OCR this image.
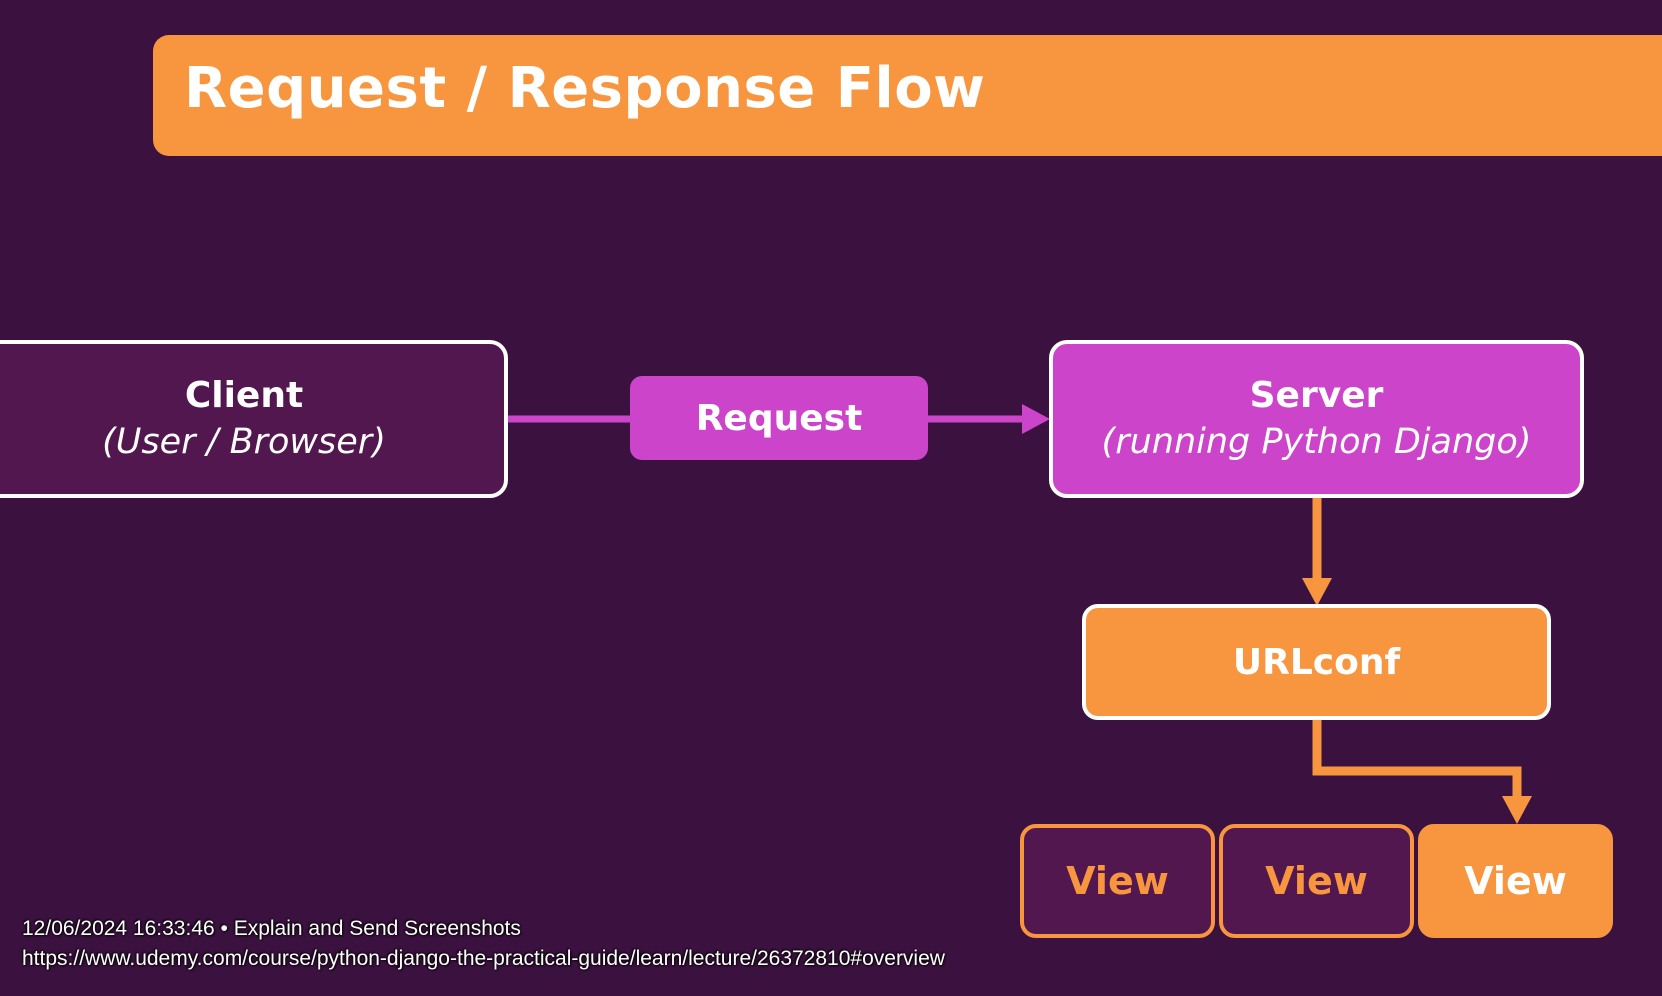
Request / Response Flow
Client
(User / Browser)
Request
Server
(running Python Django)
URLconf
View	View	View
12/06/2024 16:33:46 • Explain and Send Screenshots
https://www.udemy.com/course/python-django-the-practical-guide/learn/lecture/26372810#overview
